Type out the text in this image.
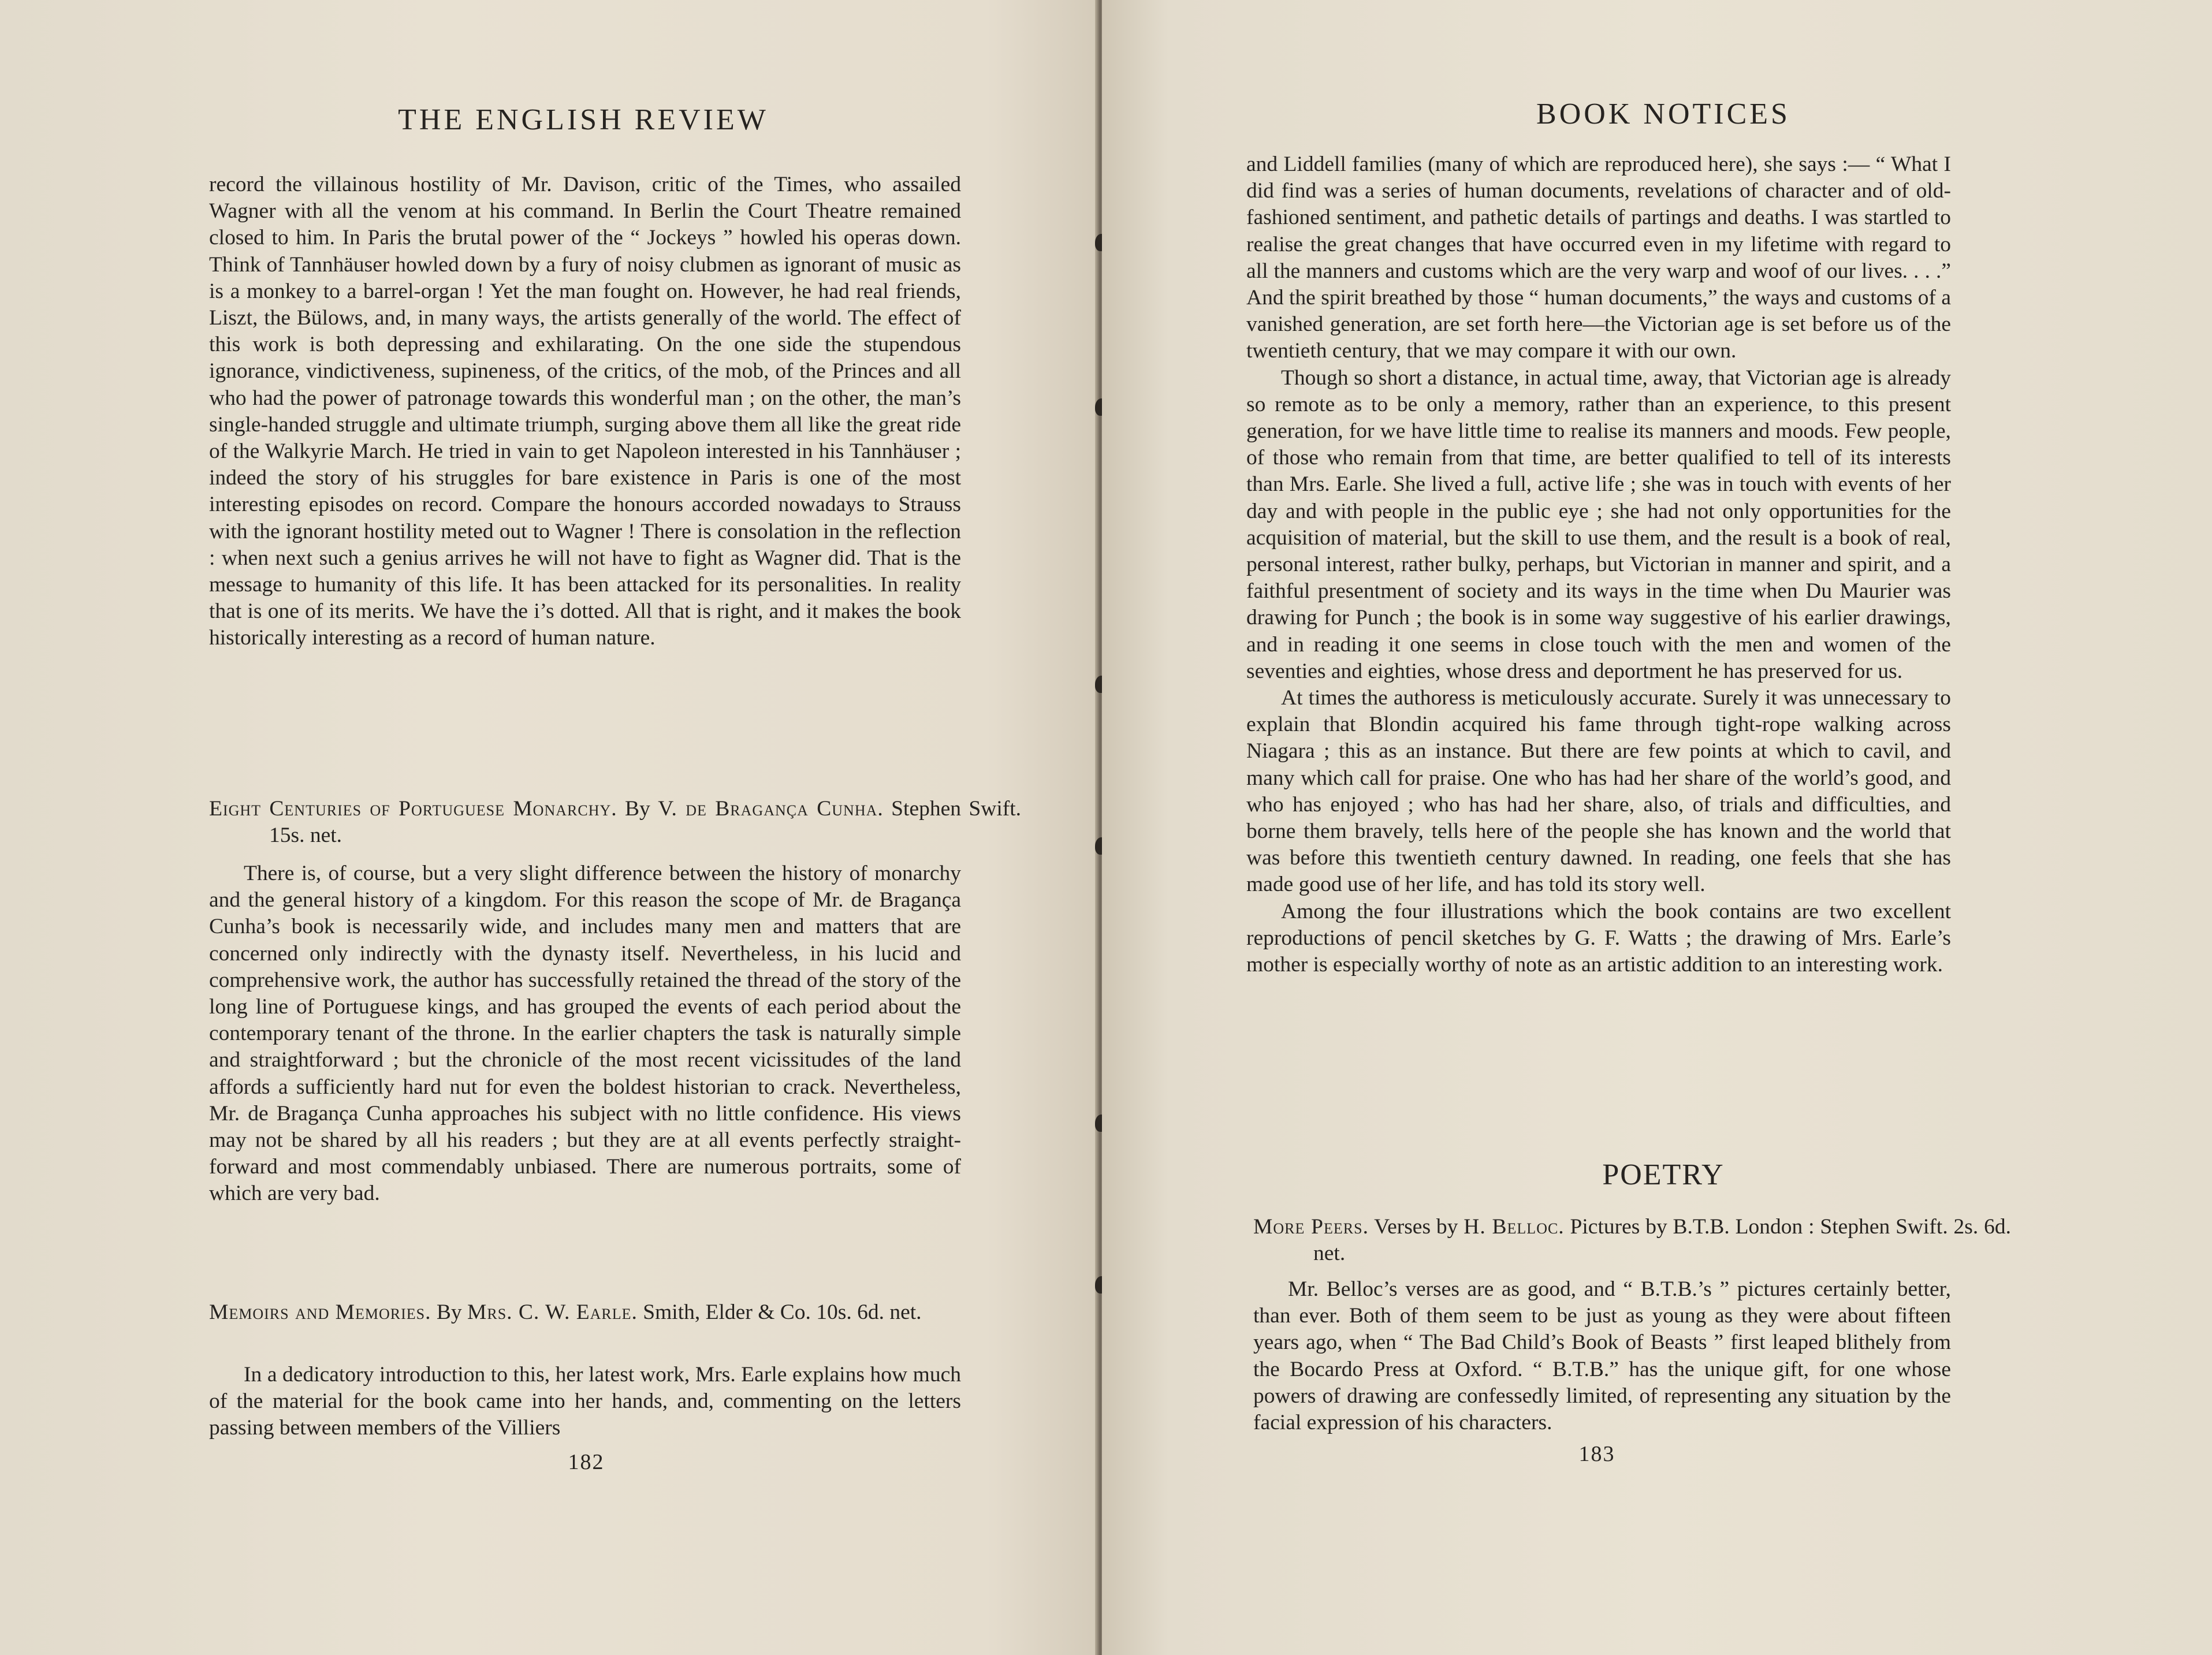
THE ENGLISH REVIEW

record the villainous hostility of Mr. Davison, critic of the Times, who assailed Wagner with all the venom at his command. In Berlin the Court Theatre remained closed to him. In Paris the brutal power of the “ Jockeys ” howled his operas down. Think of Tannhäuser howled down by a fury of noisy clubmen as ignorant of music as is a monkey to a barrel-organ ! Yet the man fought on. However, he had real friends, Liszt, the Bülows, and, in many ways, the artists generally of the world. The effect of this work is both depressing and exhilarating. On the one side the stupendous ignorance, vindictiveness, supineness, of the critics, of the mob, of the Princes and all who had the power of patronage towards this wonderful man ; on the other, the man’s single-handed struggle and ultimate triumph, surging above them all like the great ride of the Walkyrie March. He tried in vain to get Napoleon interested in his Tannhäuser ; indeed the story of his struggles for bare existence in Paris is one of the most interesting episodes on record. Compare the honours accorded nowadays to Strauss with the ignorant hostility meted out to Wagner ! There is consolation in the reflection : when next such a genius arrives he will not have to fight as Wagner did. That is the message to humanity of this life. It has been attacked for its personalities. In reality that is one of its merits. We have the i’s dotted. All that is right, and it makes the book historically interesting as a record of human nature.

Eight Centuries of Portuguese Monarchy. By V. de Bragança Cunha. Stephen Swift. 15s. net.

There is, of course, but a very slight difference between the history of monarchy and the general history of a kingdom. For this reason the scope of Mr. de Bragança Cunha’s book is necessarily wide, and includes many men and matters that are concerned only indirectly with the dynasty itself. Nevertheless, in his lucid and comprehensive work, the author has successfully retained the thread of the story of the long line of Portuguese kings, and has grouped the events of each period about the contemporary tenant of the throne. In the earlier chapters the task is naturally simple and straightforward ; but the chronicle of the most recent vicissitudes of the land affords a sufficiently hard nut for even the boldest historian to crack. Nevertheless, Mr. de Bragança Cunha approaches his subject with no little confidence. His views may not be shared by all his readers ; but they are at all events perfectly straight-forward and most commendably unbiased. There are numerous portraits, some of which are very bad.

Memoirs and Memories. By Mrs. C. W. Earle. Smith, Elder & Co. 10s. 6d. net.

In a dedicatory introduction to this, her latest work, Mrs. Earle explains how much of the material for the book came into her hands, and, commenting on the letters passing between members of the Villiers

182
BOOK NOTICES

and Liddell families (many of which are reproduced here), she says :— “ What I did find was a series of human documents, revelations of character and of old-fashioned sentiment, and pathetic details of partings and deaths. I was startled to realise the great changes that have occurred even in my lifetime with regard to all the manners and customs which are the very warp and woof of our lives. . . .” And the spirit breathed by those “ human documents,” the ways and customs of a vanished generation, are set forth here—the Victorian age is set before us of the twentieth century, that we may compare it with our own.

Though so short a distance, in actual time, away, that Victorian age is already so remote as to be only a memory, rather than an experience, to this present generation, for we have little time to realise its manners and moods. Few people, of those who remain from that time, are better qualified to tell of its interests than Mrs. Earle. She lived a full, active life ; she was in touch with events of her day and with people in the public eye ; she had not only opportunities for the acquisition of material, but the skill to use them, and the result is a book of real, personal interest, rather bulky, perhaps, but Victorian in manner and spirit, and a faithful presentment of society and its ways in the time when Du Maurier was drawing for Punch ; the book is in some way suggestive of his earlier drawings, and in reading it one seems in close touch with the men and women of the seventies and eighties, whose dress and deportment he has preserved for us.

At times the authoress is meticulously accurate. Surely it was unnecessary to explain that Blondin acquired his fame through tight-rope walking across Niagara ; this as an instance. But there are few points at which to cavil, and many which call for praise. One who has had her share of the world’s good, and who has enjoyed ; who has had her share, also, of trials and difficulties, and borne them bravely, tells here of the people she has known and the world that was before this twentieth century dawned. In reading, one feels that she has made good use of her life, and has told its story well.

Among the four illustrations which the book contains are two excellent reproductions of pencil sketches by G. F. Watts ; the drawing of Mrs. Earle’s mother is especially worthy of note as an artistic addition to an interesting work.

POETRY
More Peers. Verses by H. Belloc. Pictures by B.T.B. London : Stephen Swift. 2s. 6d. net.

Mr. Belloc’s verses are as good, and “ B.T.B.’s ” pictures certainly better, than ever. Both of them seem to be just as young as they were about fifteen years ago, when “ The Bad Child’s Book of Beasts ” first leaped blithely from the Bocardo Press at Oxford. “ B.T.B.” has the unique gift, for one whose powers of drawing are confessedly limited, of representing any situation by the facial expression of his characters.

183
